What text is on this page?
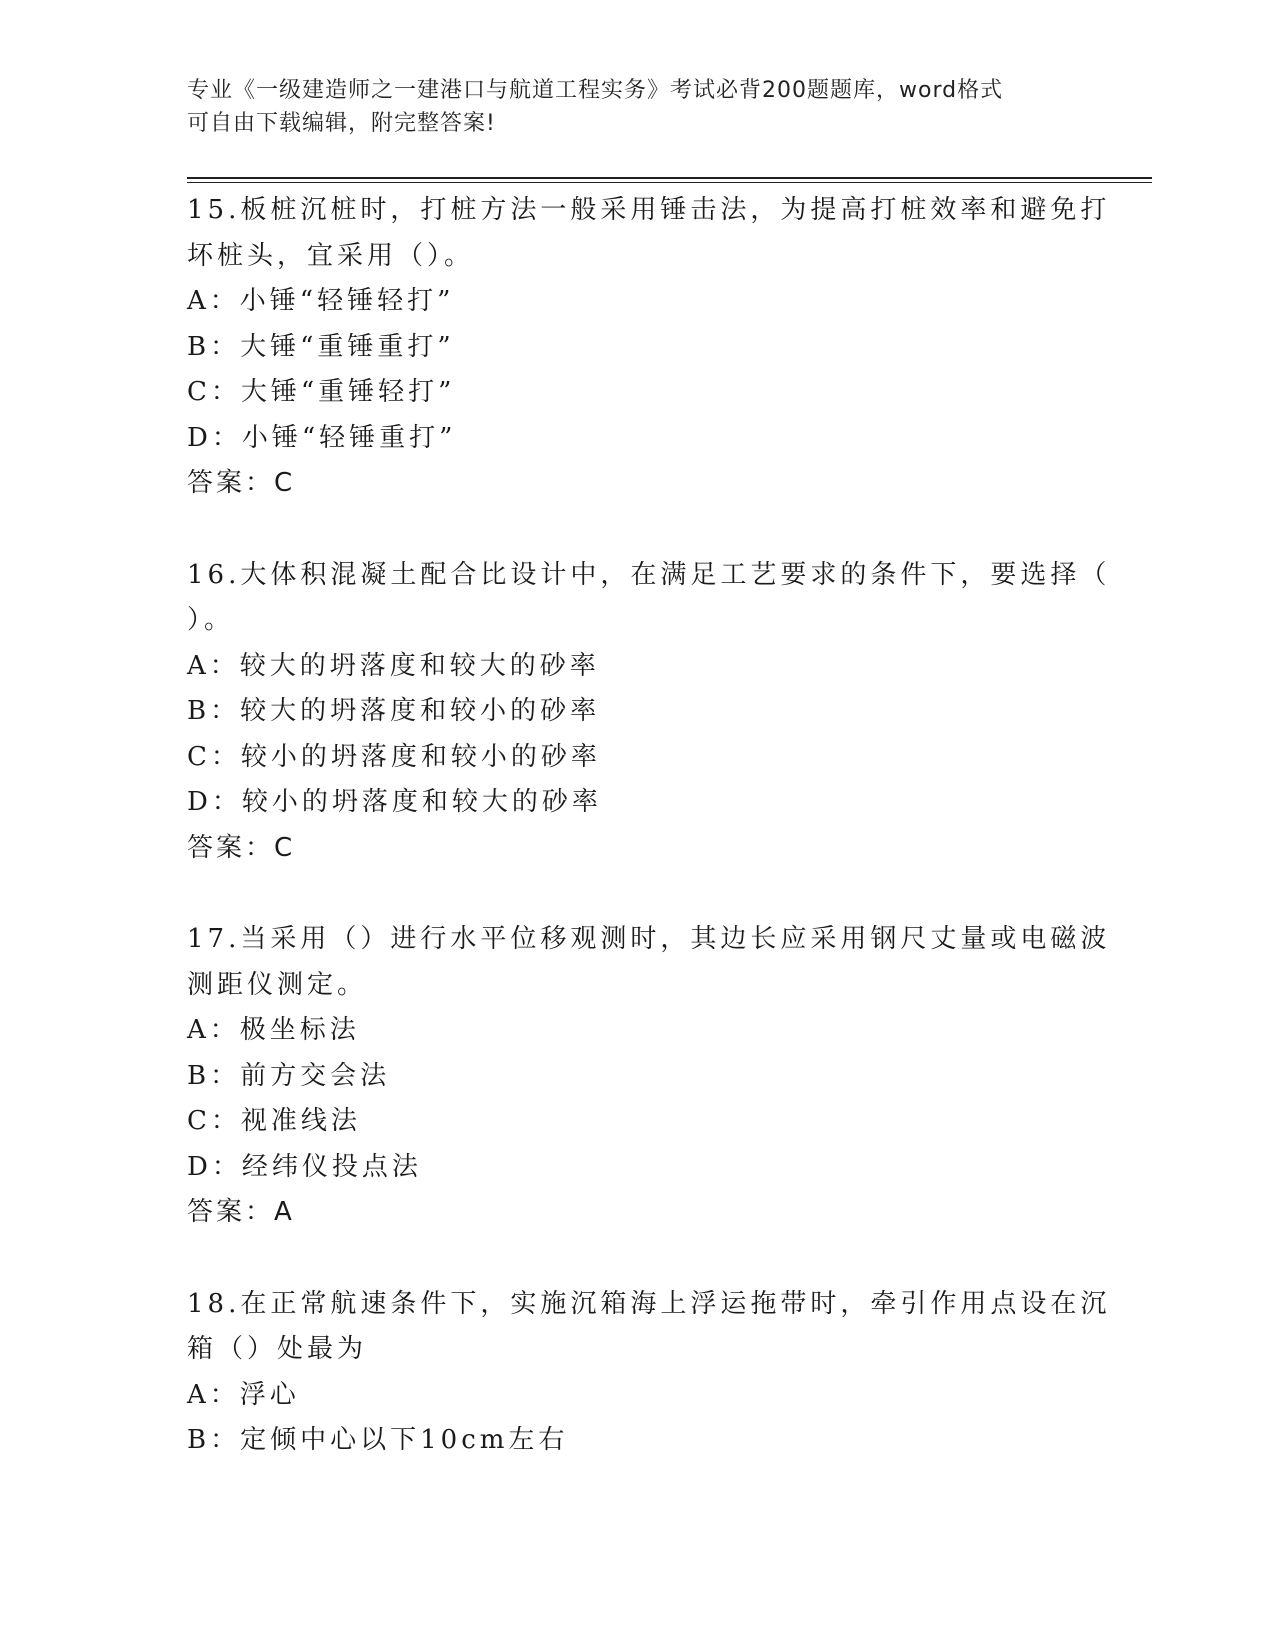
专业《一级建造师之一建港口与航道工程实务》考试必背200题题库，word格式
可自由下载编辑，附完整答案!
15.板桩沉桩时，打桩方法一般采用锤击法，为提高打桩效率和避免打
坏桩头，宜采用（）。
A：小锤“轻锤轻打”
B：大锤“重锤重打”
C：大锤“重锤轻打”
D：小锤“轻锤重打”
答案：C
16.大体积混凝土配合比设计中，在满足工艺要求的条件下，要选择（
）。
A：较大的坍落度和较大的砂率
B：较大的坍落度和较小的砂率
C：较小的坍落度和较小的砂率
D：较小的坍落度和较大的砂率
答案：C
17.当采用（）进行水平位移观测时，其边长应采用钢尺丈量或电磁波
测距仪测定。
A：极坐标法
B：前方交会法
C：视准线法
D：经纬仪投点法
答案：A
18.在正常航速条件下，实施沉箱海上浮运拖带时，牵引作用点设在沉
箱（）处最为
A：浮心
B：定倾中心以下10cm左右
